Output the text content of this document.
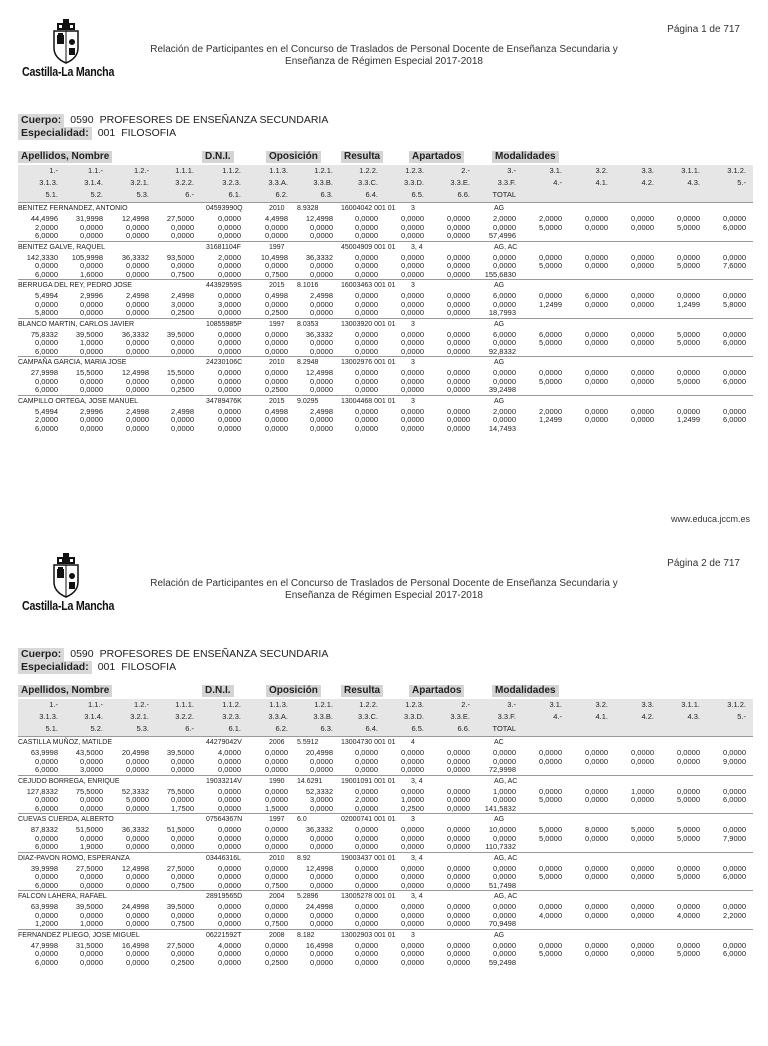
Castilla-La Mancha
Página 1 de 717
Relación de Participantes en el Concurso de Traslados de Personal Docente de Enseñanza Secundaria y
Enseñanza de Régimen Especial 2017-2018
Cuerpo: 0590 PROFESORES DE ENSEÑANZA SECUNDARIA
Especialidad: 001 FILOSOFIA
Apellidos, Nombre	D.N.I.	Oposición	Resulta	Apartados	Modalidades
1.-	1.1.-	1.2.-	1.1.1.	1.1.2.	1.1.3.	1.2.1.	1.2.2.	1.2.3.	2.-	3.-	3.1.	3.2.	3.3.	3.1.1.	3.1.2.
3.1.3.	3.1.4.	3.2.1.	3.2.2.	3.2.3.	3.3.A.	3.3.B.	3.3.C.	3.3.D.	3.3.E.	3.3.F.	4.-	4.1.	4.2.	4.3.	5.-
5.1.	5.2.	5.3.	6.-	6.1.	6.2.	6.3.	6.4.	6.5.	6.6.	TOTAL
BENITEZ FERNANDEZ, ANTONIO	04593990Q	2010 8.9328	16004042 001 01 3	AG
44,4996	31,9998	12,4998	27,5000	0,0000	4,4998	12,4998	0,0000	0,0000	0,0000	2,0000	2,0000	0,0000	0,0000	0,0000	0,0000
2,0000	0,0000	0,0000	0,0000	0,0000	0,0000	0,0000	0,0000	0,0000	0,0000	0,0000	5,0000	0,0000	0,0000	5,0000	6,0000
6,0000	0,0000	0,0000	0,0000	0,0000	0,0000	0,0000	0,0000	0,0000	0,0000	57,4996
BENITEZ GALVE, RAQUEL	31681104F	1997	45004909 001 01 3, 4	AG, AC
142,3330	105,9998	36,3332	93,5000	2,0000	10,4998	36,3332	0,0000	0,0000	0,0000	0,0000	0,0000	0,0000	0,0000	0,0000	0,0000
0,0000	0,0000	0,0000	0,0000	0,0000	0,0000	0,0000	0,0000	0,0000	0,0000	0,0000	5,0000	0,0000	0,0000	5,0000	7,6000
6,0000	1,6000	0,0000	0,7500	0,0000	0,7500	0,0000	0,0000	0,0000	0,0000	155,6830
BERRUGA DEL REY, PEDRO JOSE	44392959S	2015 8.1016	16003463 001 01 3	AG
5,4994	2,9996	2,4998	2,4998	0,0000	0,4998	2,4998	0,0000	0,0000	0,0000	6,0000	0,0000	6,0000	0,0000	0,0000	0,0000
0,0000	0,0000	0,0000	3,0000	3,0000	0,0000	0,0000	0,0000	0,0000	0,0000	0,0000	1,2499	0,0000	0,0000	1,2499	5,8000
5,8000	0,0000	0,0000	0,2500	0,0000	0,2500	0,0000	0,0000	0,0000	0,0000	18,7993
BLANCO MARTIN, CARLOS JAVIER	10855985P	1997 8.0353	13003920 001 01 3	AG
75,8332	39,5000	36,3332	39,5000	0,0000	0,0000	36,3332	0,0000	0,0000	0,0000	6,0000	6,0000	0,0000	0,0000	5,0000	0,0000
0,0000	1,0000	0,0000	0,0000	0,0000	0,0000	0,0000	0,0000	0,0000	0,0000	0,0000	5,0000	0,0000	0,0000	5,0000	6,0000
6,0000	0,0000	0,0000	0,0000	0,0000	0,0000	0,0000	0,0000	0,0000	0,0000	92,8332
CAMPAÑA GARCIA, MARIA JOSE	24230106C	2010 8.2948	13002976 001 01 3	AG
27,9998	15,5000	12,4998	15,5000	0,0000	0,0000	12,4998	0,0000	0,0000	0,0000	0,0000	0,0000	0,0000	0,0000	0,0000	0,0000
0,0000	0,0000	0,0000	0,0000	0,0000	0,0000	0,0000	0,0000	0,0000	0,0000	0,0000	5,0000	0,0000	0,0000	5,0000	6,0000
6,0000	0,0000	0,0000	0,2500	0,0000	0,2500	0,0000	0,0000	0,0000	0,0000	39,2498
CAMPILLO ORTEGA, JOSE MANUEL	34789476K	2015 9.0295	13004468 001 01 3	AG
5,4994	2,9996	2,4998	2,4998	0,0000	0,4998	2,4998	0,0000	0,0000	0,0000	2,0000	2,0000	0,0000	0,0000	0,0000	0,0000
2,0000	0,0000	0,0000	0,0000	0,0000	0,0000	0,0000	0,0000	0,0000	0,0000	0,0000	1,2499	0,0000	0,0000	1,2499	6,0000
6,0000	0,0000	0,0000	0,0000	0,0000	0,0000	0,0000	0,0000	0,0000	0,0000	14,7493
Castilla-La Mancha
Página 2 de 717
Relación de Participantes en el Concurso de Traslados de Personal Docente de Enseñanza Secundaria y
Enseñanza de Régimen Especial 2017-2018
Cuerpo: 0590 PROFESORES DE ENSEÑANZA SECUNDARIA
Especialidad: 001 FILOSOFIA
Apellidos, Nombre	D.N.I.	Oposición	Resulta	Apartados	Modalidades
1.-	1.1.-	1.2.-	1.1.1.	1.1.2.	1.1.3.	1.2.1.	1.2.2.	1.2.3.	2.-	3.-	3.1.	3.2.	3.3.	3.1.1.	3.1.2.
3.1.3.	3.1.4.	3.2.1.	3.2.2.	3.2.3.	3.3.A.	3.3.B.	3.3.C.	3.3.D.	3.3.E.	3.3.F.	4.-	4.1.	4.2.	4.3.	5.-
5.1.	5.2.	5.3.	6.-	6.1.	6.2.	6.3.	6.4.	6.5.	6.6.	TOTAL
CASTILLA MUÑOZ, MATILDE	44279042V	2006 5.5912	13004730 001 01 4	AC
63,9998	43,5000	20,4998	39,5000	4,0000	0,0000	20,4998	0,0000	0,0000	0,0000	0,0000	0,0000	0,0000	0,0000	0,0000	0,0000
0,0000	0,0000	0,0000	0,0000	0,0000	0,0000	0,0000	0,0000	0,0000	0,0000	0,0000	0,0000	0,0000	0,0000	0,0000	9,0000
6,0000	3,0000	0,0000	0,0000	0,0000	0,0000	0,0000	0,0000	0,0000	0,0000	72,9998
CEJUDO BORREGA, ENRIQUE	19033214V	1990 14.6291	19001091 001 01 3, 4	AG, AC
127,8332	75,5000	52,3332	75,5000	0,0000	0,0000	52,3332	0,0000	0,0000	0,0000	1,0000	0,0000	0,0000	1,0000	0,0000	0,0000
0,0000	0,0000	5,0000	0,0000	0,0000	0,0000	3,0000	2,0000	1,0000	0,0000	0,0000	5,0000	0,0000	0,0000	5,0000	6,0000
6,0000	0,0000	0,0000	1,7500	0,0000	1,5000	0,0000	0,0000	0,2500	0,0000	141,5832
CUEVAS CUERDA, ALBERTO	07564367N	1997 6.0	02000741 001 01 3	AG
87,8332	51,5000	36,3332	51,5000	0,0000	0,0000	36,3332	0,0000	0,0000	0,0000	10,0000	5,0000	8,0000	5,0000	5,0000	0,0000
0,0000	0,0000	0,0000	0,0000	0,0000	0,0000	0,0000	0,0000	0,0000	0,0000	0,0000	5,0000	0,0000	0,0000	5,0000	7,9000
6,0000	1,9000	0,0000	0,0000	0,0000	0,0000	0,0000	0,0000	0,0000	0,0000	110,7332
DIAZ-PAVON ROMO, ESPERANZA	03446316L	2010 8.92	19003437 001 01 3, 4	AG, AC
39,9998	27,5000	12,4998	27,5000	0,0000	0,0000	12,4998	0,0000	0,0000	0,0000	0,0000	0,0000	0,0000	0,0000	0,0000	0,0000
0,0000	0,0000	0,0000	0,0000	0,0000	0,0000	0,0000	0,0000	0,0000	0,0000	0,0000	5,0000	0,0000	0,0000	5,0000	6,0000
6,0000	0,0000	0,0000	0,7500	0,0000	0,7500	0,0000	0,0000	0,0000	0,0000	51,7498
FALCON LAHERA, RAFAEL	28919565D	2004 5.2896	13005278 001 01 3, 4	AG, AC
63,9998	39,5000	24,4998	39,5000	0,0000	0,0000	24,4998	0,0000	0,0000	0,0000	0,0000	0,0000	0,0000	0,0000	0,0000	0,0000
0,0000	0,0000	0,0000	0,0000	0,0000	0,0000	0,0000	0,0000	0,0000	0,0000	0,0000	4,0000	0,0000	0,0000	4,0000	2,2000
1,2000	1,0000	0,0000	0,7500	0,0000	0,7500	0,0000	0,0000	0,0000	0,0000	70,9498
FERNANDEZ PLIEGO, JOSE MIGUEL	06221592T	2008 8.182	13002903 001 01 3	AG
47,9998	31,5000	16,4998	27,5000	4,0000	0,0000	16,4998	0,0000	0,0000	0,0000	0,0000	0,0000	0,0000	0,0000	0,0000	0,0000
0,0000	0,0000	0,0000	0,0000	0,0000	0,0000	0,0000	0,0000	0,0000	0,0000	0,0000	5,0000	0,0000	0,0000	5,0000	6,0000
6,0000	0,0000	0,0000	0,2500	0,0000	0,2500	0,0000	0,0000	0,0000	0,0000	59,2498
www.educa.jccm.es
